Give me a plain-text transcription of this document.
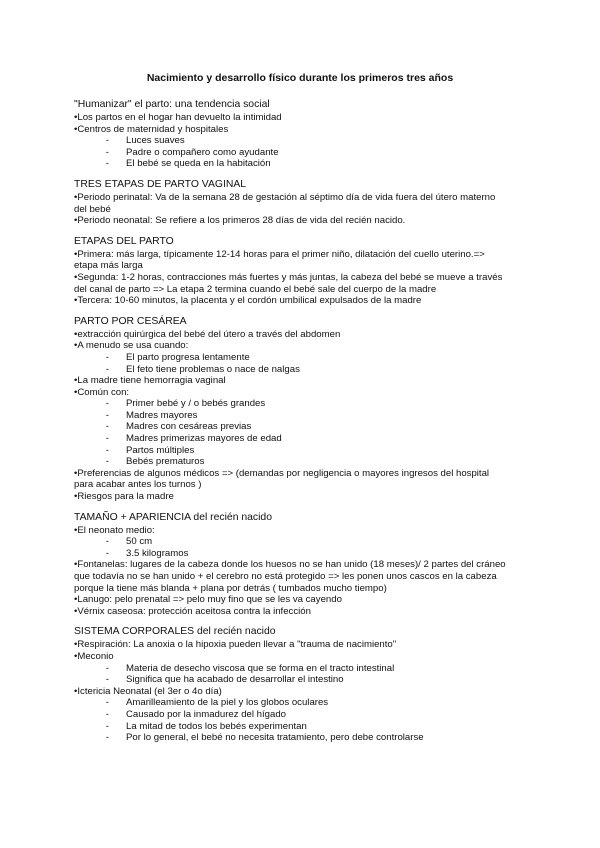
Nacimiento y desarrollo físico durante los primeros tres años
"Humanizar" el parto: una tendencia social
•Los partos en el hogar han devuelto la intimidad
•Centros de maternidad y hospitales
- Luces suaves
- Padre o compañero como ayudante
- El bebé se queda en la habitación
TRES ETAPAS DE PARTO VAGINAL
•Periodo perinatal: Va de la semana 28 de gestación al séptimo día de vida fuera del útero materno
del bebé
•Periodo neonatal: Se refiere a los primeros 28 días de vida del recién nacido.
ETAPAS DEL PARTO
•Primera: más larga, típicamente 12-14 horas para el primer niño, dilatación del cuello uterino.=>
etapa más larga
•Segunda: 1-2 horas, contracciones más fuertes y más juntas, la cabeza del bebé se mueve a través
del canal de parto => La etapa 2 termina cuando el bebé sale del cuerpo de la madre
•Tercera: 10-60 minutos, la placenta y el cordón umbilical expulsados de la madre
PARTO POR CESÁREA
•extracción quirúrgica del bebé del útero a través del abdomen
•A menudo se usa cuando:
- El parto progresa lentamente
- El feto tiene problemas o nace de nalgas
•La madre tiene hemorragia vaginal
•Común con:
- Primer bebé y / o bebés grandes
- Madres mayores
- Madres con cesáreas previas
- Madres primerizas mayores de edad
- Partos múltiples
- Bebés prematuros
•Preferencias de algunos médicos => (demandas por negligencia o mayores ingresos del hospital
para acabar antes los turnos )
•Riesgos para la madre
TAMAÑO + APARIENCIA del recién nacido
•El neonato medio:
- 50 cm
- 3.5 kilogramos
•Fontanelas: lugares de la cabeza donde los huesos no se han unido (18 meses)/ 2 partes del cráneo
que todavía no se han unido + el cerebro no está protegido => les ponen unos cascos en la cabeza
porque la tiene más blanda + plana por detrás ( tumbados mucho tiempo)
•Lanugo: pelo prenatal => pelo muy fino que se les va cayendo
•Vérnix caseosa: protección aceitosa contra la infección
SISTEMA CORPORALES del recién nacido
•Respiración: La anoxia o la hipoxia pueden llevar a "trauma de nacimiento"
•Meconio
- Materia de desecho viscosa que se forma en el tracto intestinal
- Significa que ha acabado de desarrollar el intestino
•Ictericia Neonatal (el 3er o 4o día)
- Amarilleamiento de la piel y los globos oculares
- Causado por la inmadurez del hígado
- La mitad de todos los bebés experimentan
- Por lo general, el bebé no necesita tratamiento, pero debe controlarse
